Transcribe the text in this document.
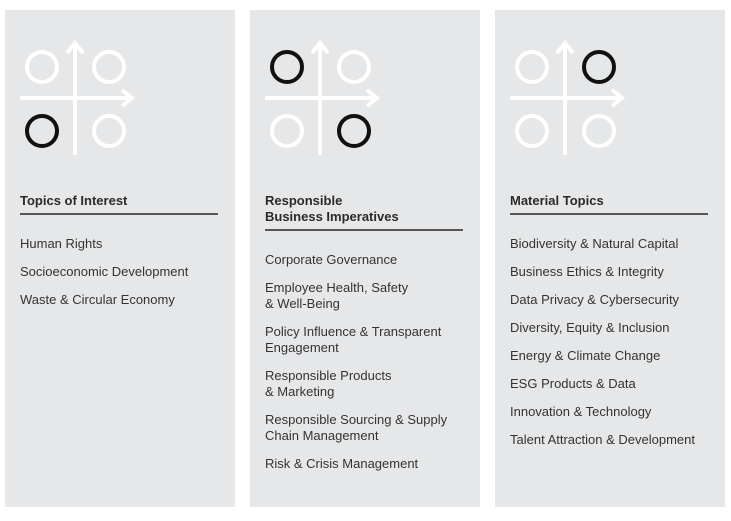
Topics of Interest
Human Rights
Socioeconomic Development
Waste & Circular Economy
Responsible
Business Imperatives
Corporate Governance
Employee Health, Safety
& Well-Being
Policy Influence & Transparent
Engagement
Responsible Products
& Marketing
Responsible Sourcing & Supply
Chain Management
Risk & Crisis Management
Material Topics
Biodiversity & Natural Capital
Business Ethics & Integrity
Data Privacy & Cybersecurity
Diversity, Equity & Inclusion
Energy & Climate Change
ESG Products & Data
Innovation & Technology
Talent Attraction & Development
